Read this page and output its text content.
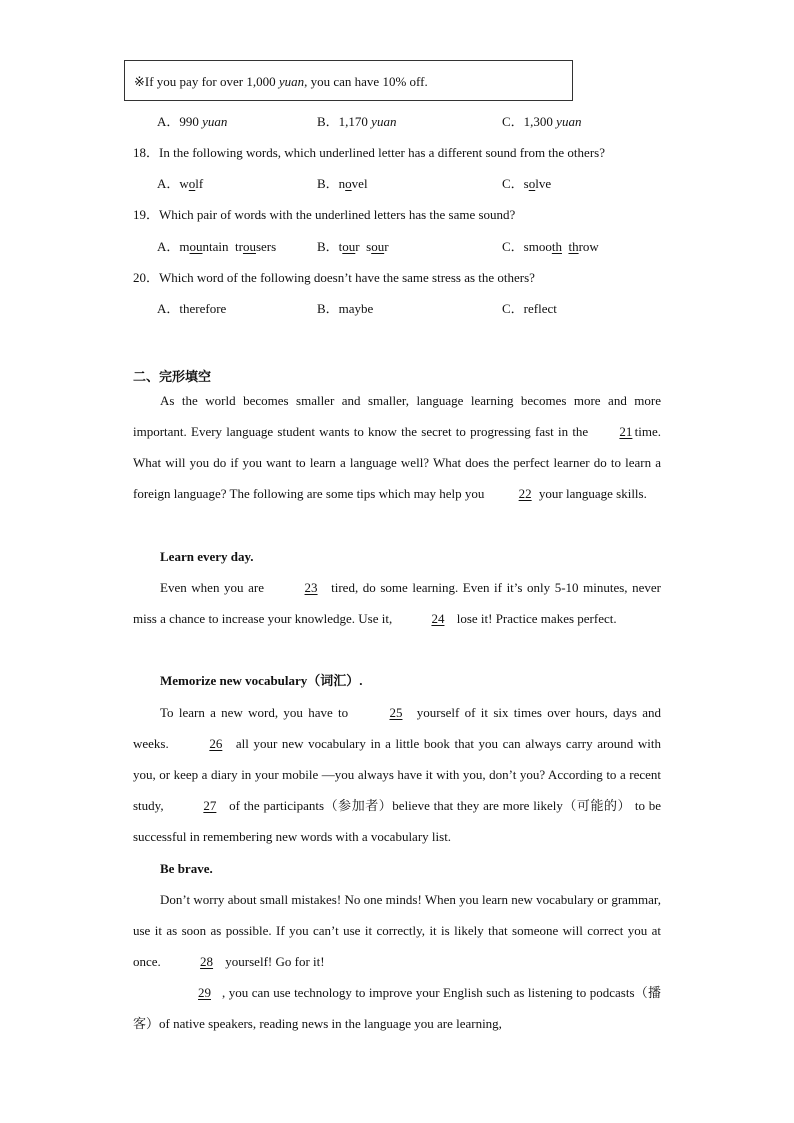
※If you pay for over 1,000 yuan, you can have 10% off.
A．990 yuan	B．1,170 yuan	C．1,300 yuan
18．In the following words, which underlined letter has a different sound from the others?
A．wolf	B．novel	C．solve
19．Which pair of words with the underlined letters has the same sound?
A．mountain  trousers	B．tour  sour	C．smooth throw
20．Which word of the following doesn’t have the same stress as the others?
A．therefore	B．maybe	C．reflect
二、完形填空
As the world becomes smaller and smaller, language learning becomes more and more important. Every language student wants to know the secret to progressing fast in the 21 time. What will you do if you want to learn a language well? What does the perfect learner do to learn a foreign language? The following are some tips which may help you 22 your language skills.
Learn every day.
Even when you are	23 tired, do some learning. Even if it’s only 5-10 minutes, never miss a chance to increase your knowledge. Use it,	24 lose it! Practice makes perfect.
Memorize new vocabulary（词汇）.
To learn a new word, you have to	25 yourself of it six times over hours, days and weeks.	26 all your new vocabulary in a little book that you can always carry around with you, or keep a diary in your mobile —you always have it with you, don’t you? According to a recent study,	27 of the participants（参加者）believe that they are more likely（可能的） to be successful in remembering new words with a vocabulary list.
Be brave.
Don’t worry about small mistakes! No one minds! When you learn new vocabulary or grammar, use it as soon as possible. If you can’t use it correctly, it is likely that someone will correct you at once.	28 yourself! Go for it!
29 , you can use technology to improve your English such as listening to podcasts（播客）of native speakers, reading news in the language you are learning,
